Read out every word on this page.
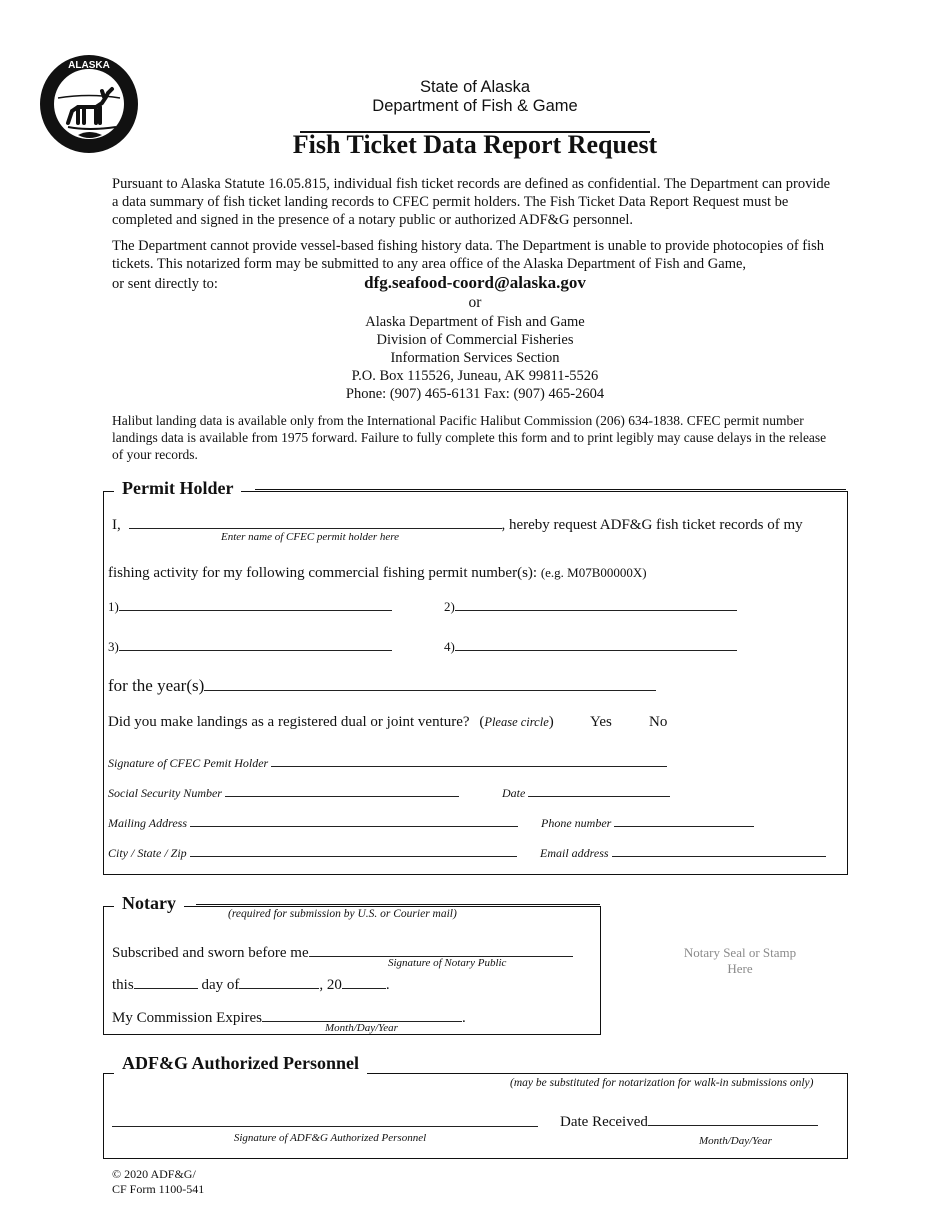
ALASKA
State of Alaska
Department of Fish & Game
Fish Ticket Data Report Request

Pursuant to Alaska Statute 16.05.815, individual fish ticket records are defined as confidential. The Department can provide a data summary of fish ticket landing records to CFEC permit holders. The Fish Ticket Data Report Request must be completed and signed in the presence of a notary public or authorized ADF&G personnel.

The Department cannot provide vessel-based fishing history data. The Department is unable to provide photocopies of fish tickets. This notarized form may be submitted to any area office of the Alaska Department of Fish and Game,

or sent directly to:	dfg.seafood-coord@alaska.gov
or
Alaska Department of Fish and Game
Division of Commercial Fisheries
Information Services Section
P.O. Box 115526, Juneau, AK 99811-5526
Phone: (907) 465-6131 Fax: (907) 465-2604

Halibut landing data is available only from the International Pacific Halibut Commission (206) 634-1838. CFEC permit number landings data is available from 1975 forward. Failure to fully complete this form and to print legibly may cause delays in the release of your records.

Permit Holder
I,	, hereby request ADF&G fish ticket records of my
Enter name of CFEC permit holder here
fishing activity for my following commercial fishing permit number(s): (e.g. M07B00000X)
1)	2)
3)	4)
for the year(s)
Did you make landings as a registered dual or joint venture? (Please circle) Yes No
Signature of CFEC Pemit Holder
Social Security Number	Date
Mailing Address	Phone number
City / State / Zip	Email address
Notary
(required for submission by U.S. or Courier mail)
Subscribed and sworn before me
Signature of Notary Public
this	day of	, 20	.
My Commission Expires	.
Month/Day/Year
Notary Seal or Stamp Here
ADF&G Authorized Personnel
(may be substituted for notarization for walk-in submissions only)
Signature of ADF&G Authorized Personnel
Date Received
Month/Day/Year
© 2020 ADF&G/
CF Form 1100-541
